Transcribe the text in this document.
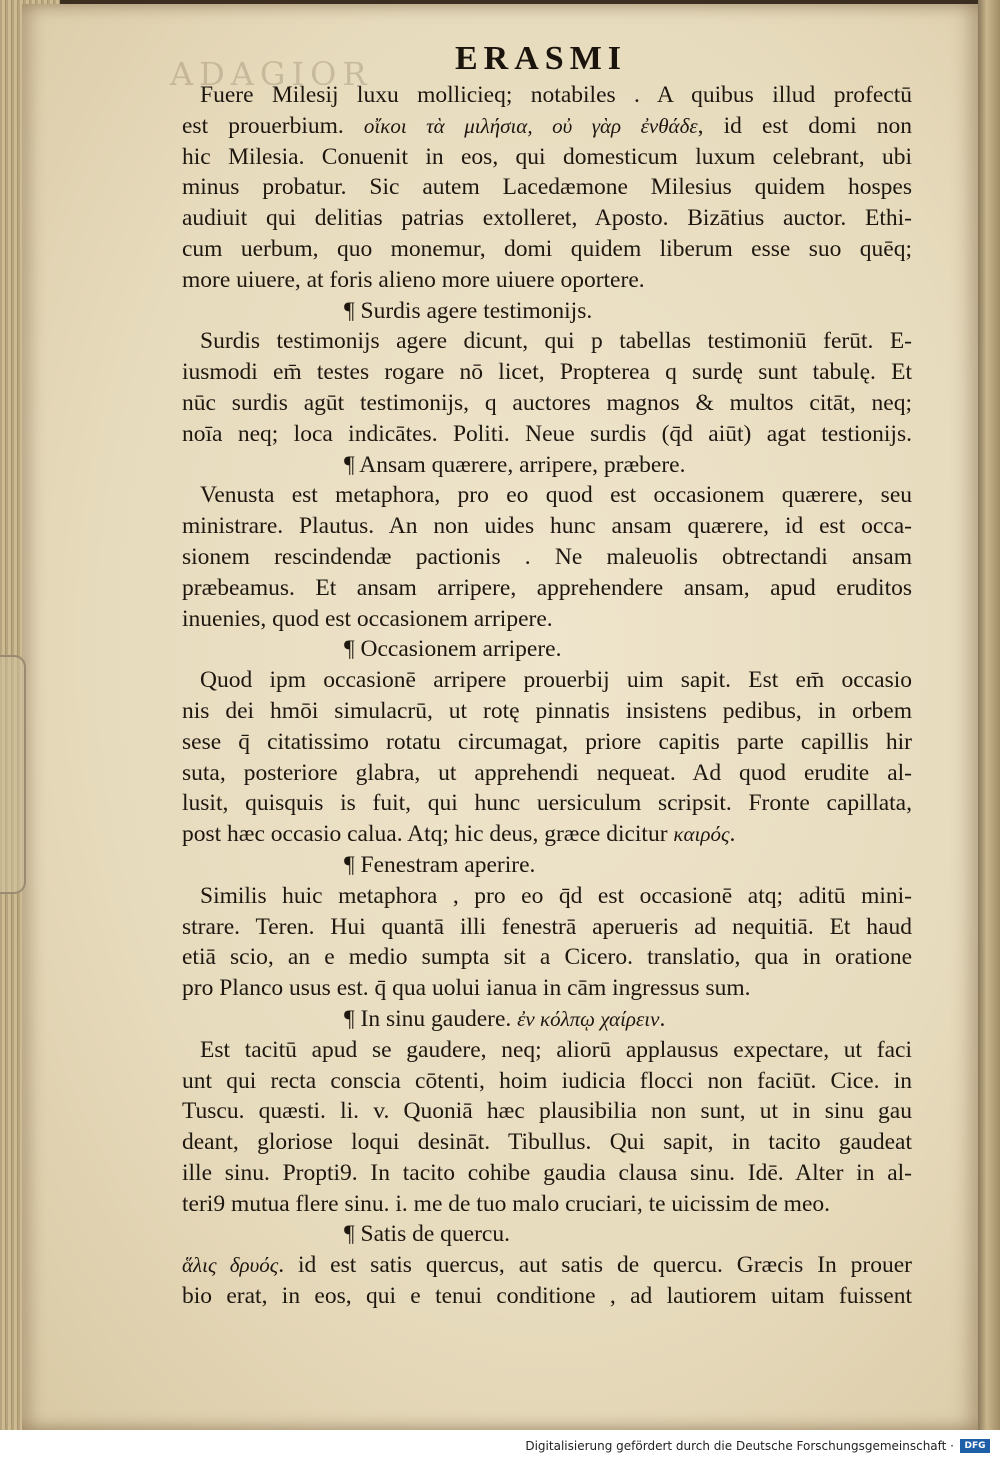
ADAGIOR ERASMI
Fuere Milesij luxu mollicieq; notabiles . A quibus illud profectū
est prouerbium. οἴκοι τὰ μιλήσια, οὐ γὰρ ἐνθάδε, id est domi non
hic Milesia. Conuenit in eos, qui domesticum luxum celebrant, ubi
minus probatur. Sic autem Lacedæmone Milesius quidem hospes
audiuit qui delitias patrias extolleret, Aposto. Bizātius auctor. Ethi-
cum uerbum, quo monemur, domi quidem liberum esse suo quēq;
more uiuere, at foris alieno more uiuere oportere.
¶ Surdis agere testimonijs.
Surdis testimonijs agere dicunt, qui p tabellas testimoniū ferūt. E-
iusmodi em̄ testes rogare nō licet, Propterea q surdę sunt tabulę. Et
nūc surdis agūt testimonijs, q auctores magnos & multos citāt, neq;
noīa neq; loca indicātes. Politi. Neue surdis (q̄d aiūt) agat testionijs.
¶ Ansam quærere, arripere, præbere.
Venusta est metaphora, pro eo quod est occasionem quærere, seu
ministrare. Plautus. An non uides hunc ansam quærere, id est occa-
sionem rescindendæ pactionis . Ne maleuolis obtrectandi ansam
præbeamus. Et ansam arripere, apprehendere ansam, apud eruditos
inuenies, quod est occasionem arripere.
¶ Occasionem arripere.
Quod ipm occasionē arripere prouerbij uim sapit. Est em̄ occasio
nis dei hmōi simulacrū, ut rotę pinnatis insistens pedibus, in orbem
sese q̄ citatissimo rotatu circumagat, priore capitis parte capillis hir
suta, posteriore glabra, ut apprehendi nequeat. Ad quod erudite al-
lusit, quisquis is fuit, qui hunc uersiculum scripsit. Fronte capillata,
post hæc occasio calua. Atq; hic deus, græce dicitur καιρός.
¶ Fenestram aperire.
Similis huic metaphora , pro eo q̄d est occasionē atq; aditū mini-
strare. Teren. Hui quantā illi fenestrā aperueris ad nequitiā. Et haud
etiā scio, an e medio sumpta sit a Cicero. translatio, qua in oratione
pro Planco usus est. q̄ qua uolui ianua in cām ingressus sum.
¶ In sinu gaudere. ἐν κόλπῳ χαίρειν.
Est tacitū apud se gaudere, neq; aliorū applausus expectare, ut faci
unt qui recta conscia cōtenti, hoim iudicia flocci non faciūt. Cice. in
Tuscu. quæsti. li. v. Quoniā hæc plausibilia non sunt, ut in sinu gau
deant, gloriose loqui desināt. Tibullus. Qui sapit, in tacito gaudeat
ille sinu. Propti9. In tacito cohibe gaudia clausa sinu. Idē. Alter in al-
teri9 mutua flere sinu. i. me de tuo malo cruciari, te uicissim de meo.
¶ Satis de quercu.
ἅλις δρυός. id est satis quercus, aut satis de quercu. Græcis In prouer
bio erat, in eos, qui e tenui conditione , ad lautiorem uitam fuissent
Digitalisierung gefördert durch die Deutsche Forschungsgemeinschaft ·	DFG
